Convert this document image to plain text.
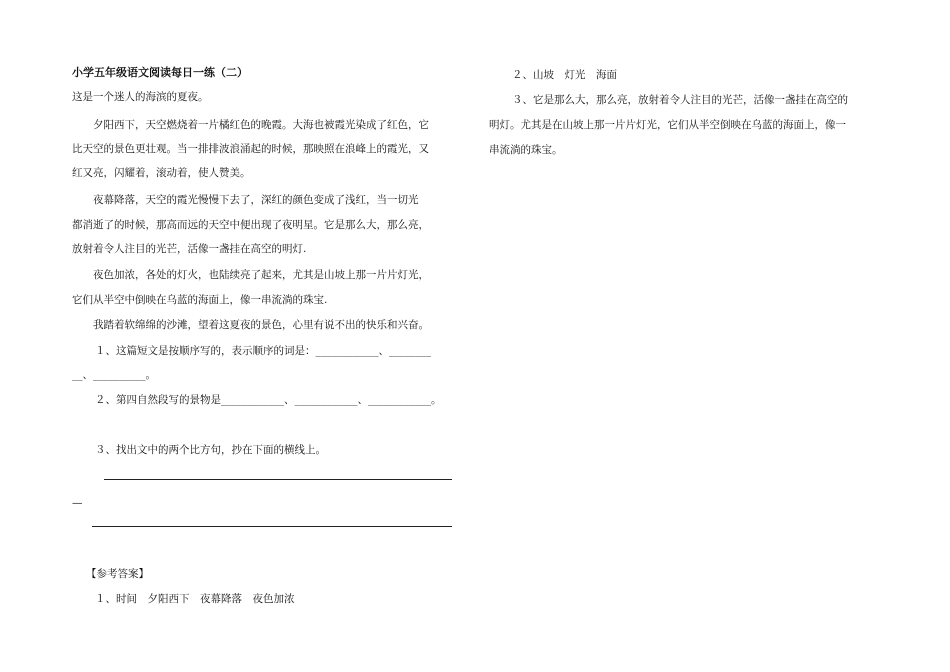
小学五年级语文阅读每日一练（二）
这是一个迷人的海滨的夏夜。
夕阳西下，天空燃烧着一片橘红色的晚霞。大海也被霞光染成了红色，它
比天空的景色更壮观。当一排排波浪涌起的时候，那映照在浪峰上的霞光，又
红又亮，闪耀着，滚动着，使人赞美。
夜幕降落，天空的霞光慢慢下去了，深红的颜色变成了浅红，当一切光
都消逝了的时候，那高而远的天空中便出现了夜明星。它是那么大，那么亮，
放射着令人注目的光芒，活像一盏挂在高空的明灯.
夜色加浓，各处的灯火，也陆续亮了起来，尤其是山坡上那一片片灯光，
它们从半空中倒映在乌蓝的海面上，像一串流淌的珠宝.
我踏着软绵绵的沙滩，望着这夏夜的景色，心里有说不出的快乐和兴奋。
１、这篇短文是按顺序写的，表示顺序的词是：____________、________
__、__________。
２、第四自然段写的景物是____________、____________、____________。
３、找出文中的两个比方句，抄在下面的横线上。
—
【参考答案】
１、时间　夕阳西下　夜幕降落　夜色加浓
２、山坡　灯光　海面
３、它是那么大，那么亮，放射着令人注目的光芒，活像一盏挂在高空的
明灯。尤其是在山坡上那一片片灯光，它们从半空倒映在乌蓝的海面上，像一
串流淌的珠宝。
